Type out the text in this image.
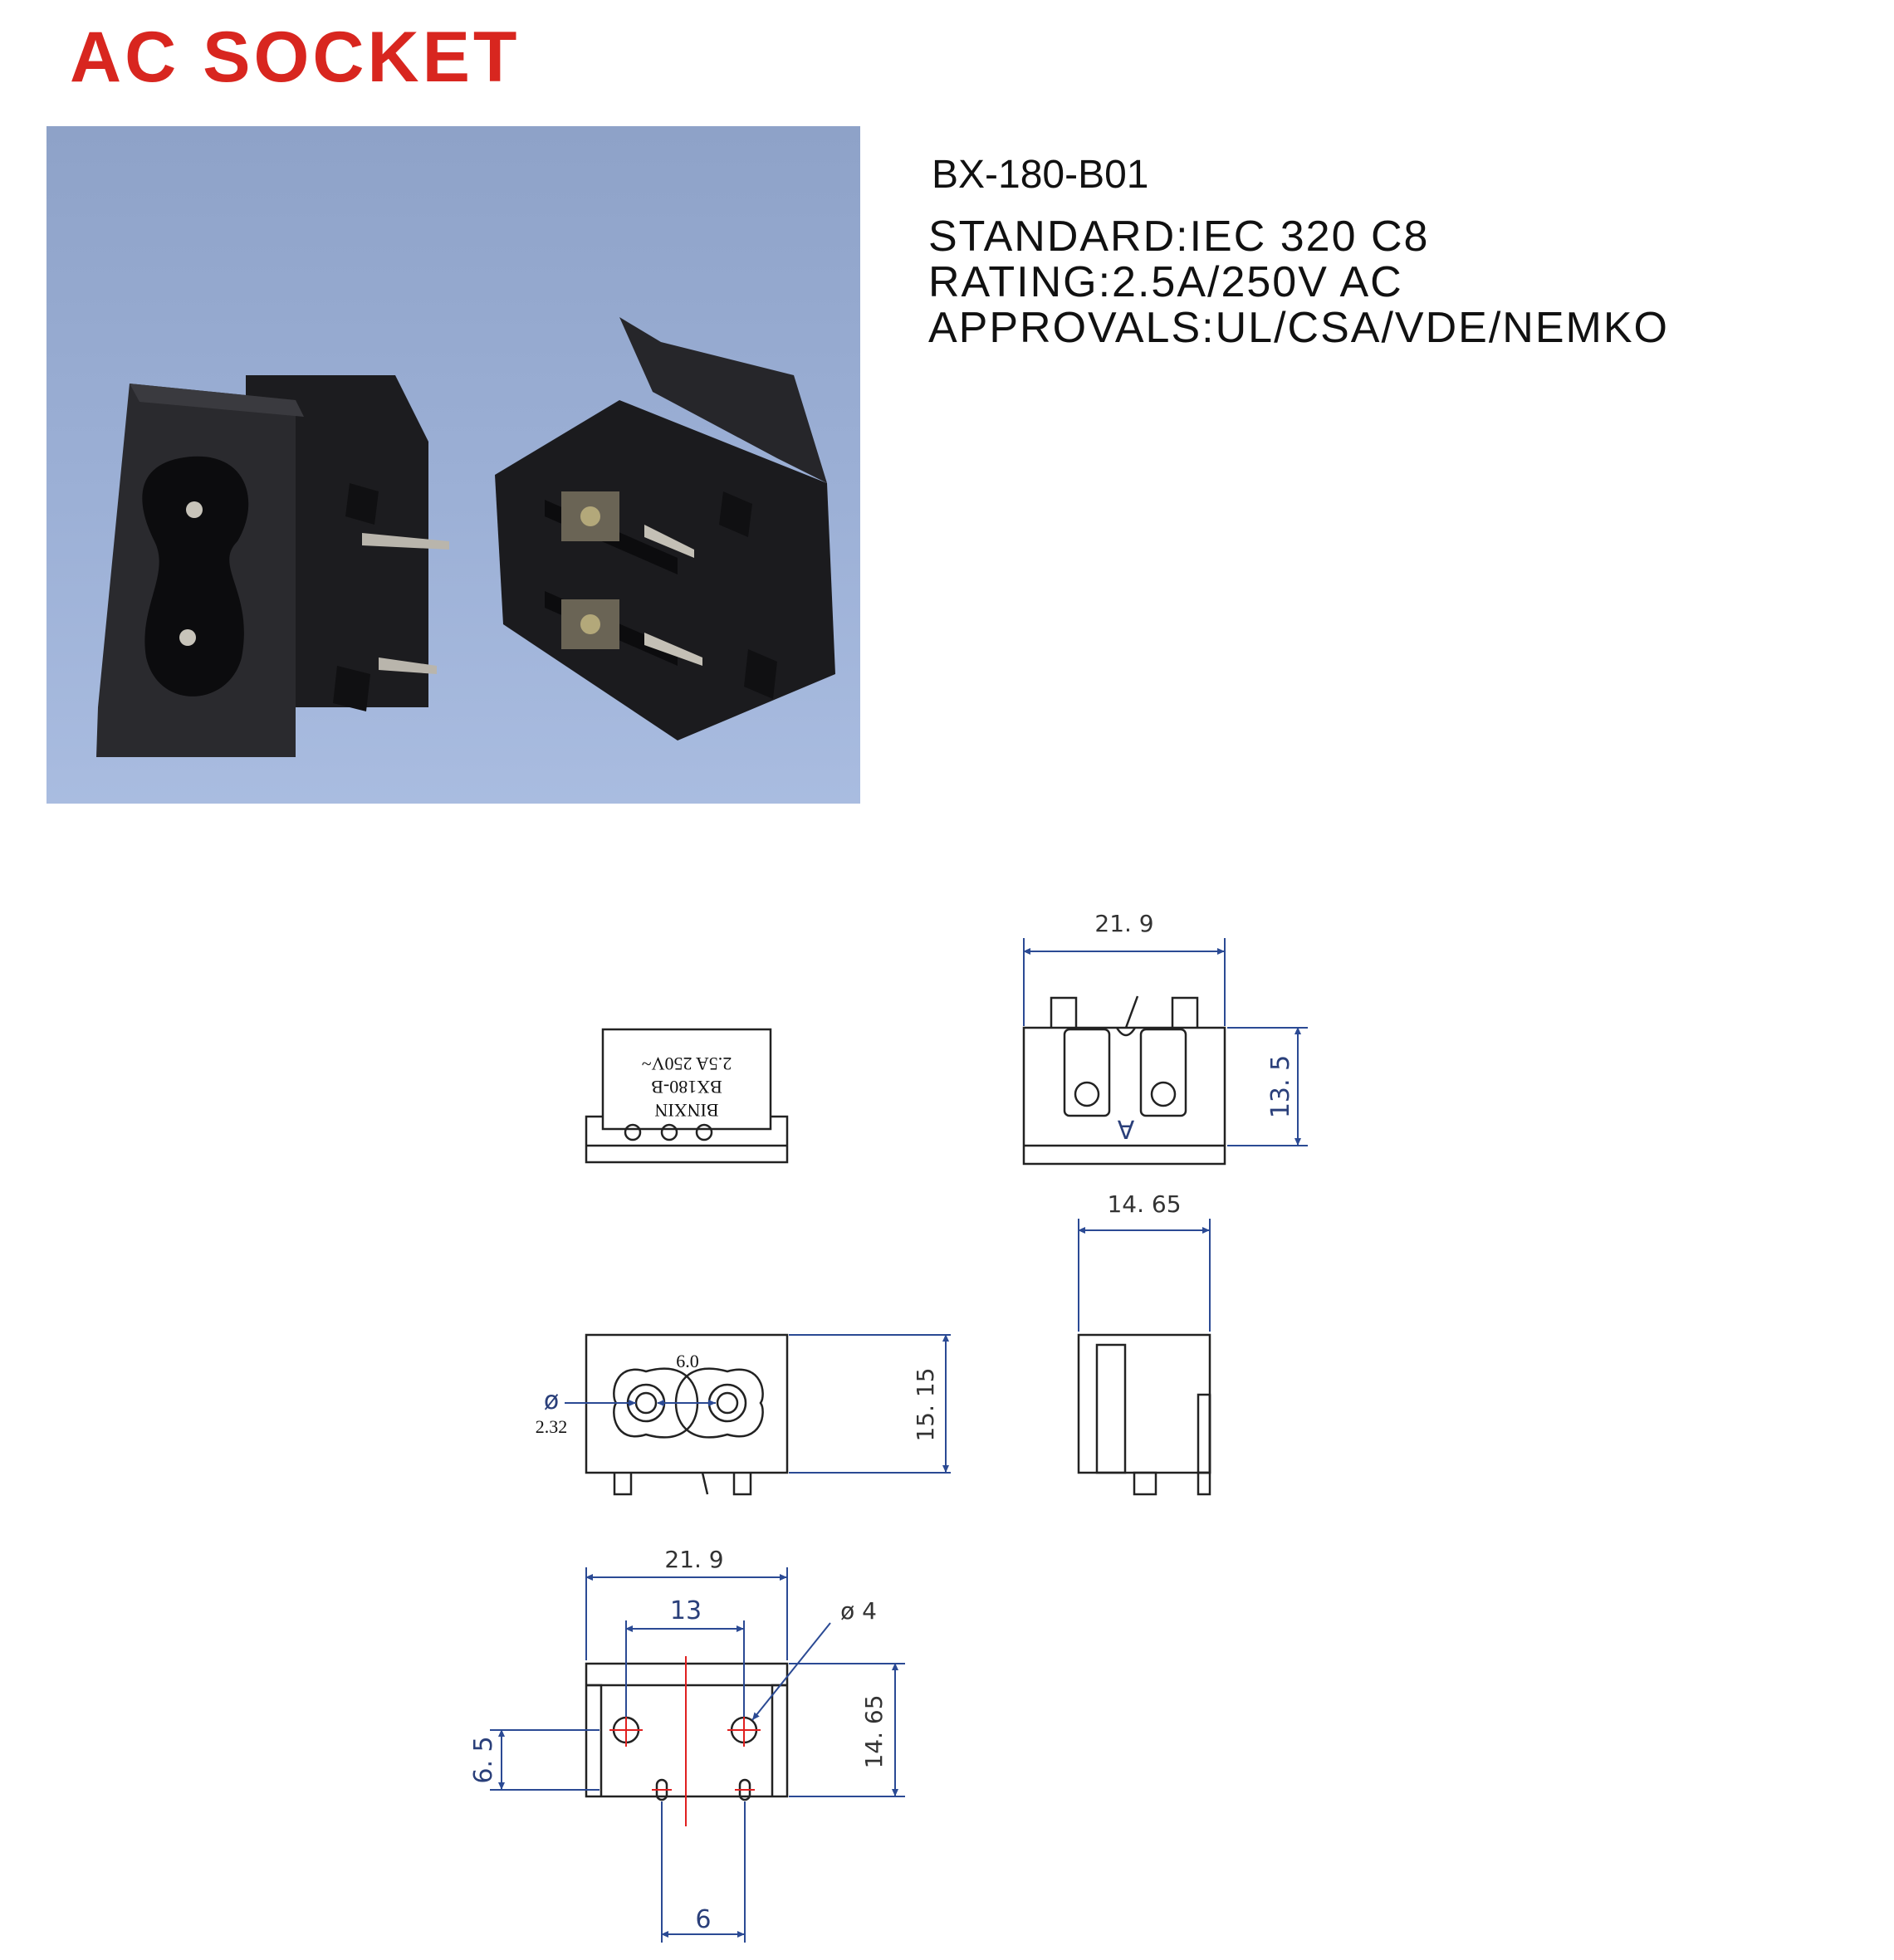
AC SOCKET

BX-180-B01

STANDARD:IEC 320 C8

RATING:2.5A/250V AC

APPROVALS:UL/CSA/VDE/NEMKO

2.5A 250V~
BX180-B
BINXIN
A
21. 9
13. 5
14. 65
6.0
ø
2.32	15. 15
21. 9
13	ø 4
14. 65
6. 5
9
